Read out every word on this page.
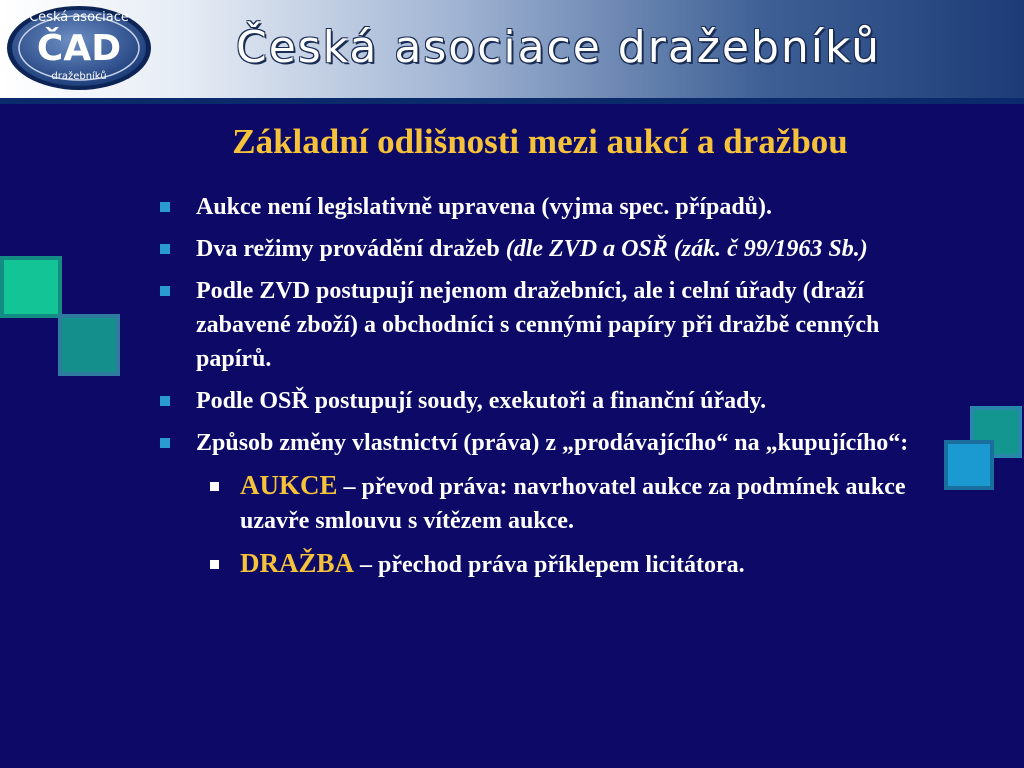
Česká asociace
ČAD
dražebníků
Česká asociace dražebníků
Základní odlišnosti mezi aukcí a dražbou
Aukce není legislativně upravena (vyjma spec. případů).
Dva režimy provádění dražeb (dle ZVD a OSŘ (zák. č 99/1963 Sb.)
Podle ZVD postupují nejenom dražebníci, ale i celní úřady (draží zabavené zboží) a obchodníci s cennými papíry při dražbě cenných papírů.
Podle OSŘ postupují soudy, exekutoři a finanční úřady.
Způsob změny vlastnictví (práva) z „prodávajícího“ na „kupujícího“:
AUKCE – převod práva: navrhovatel aukce za podmínek aukce uzavře smlouvu s vítězem aukce.
DRAŽBA – přechod práva příklepem licitátora.
